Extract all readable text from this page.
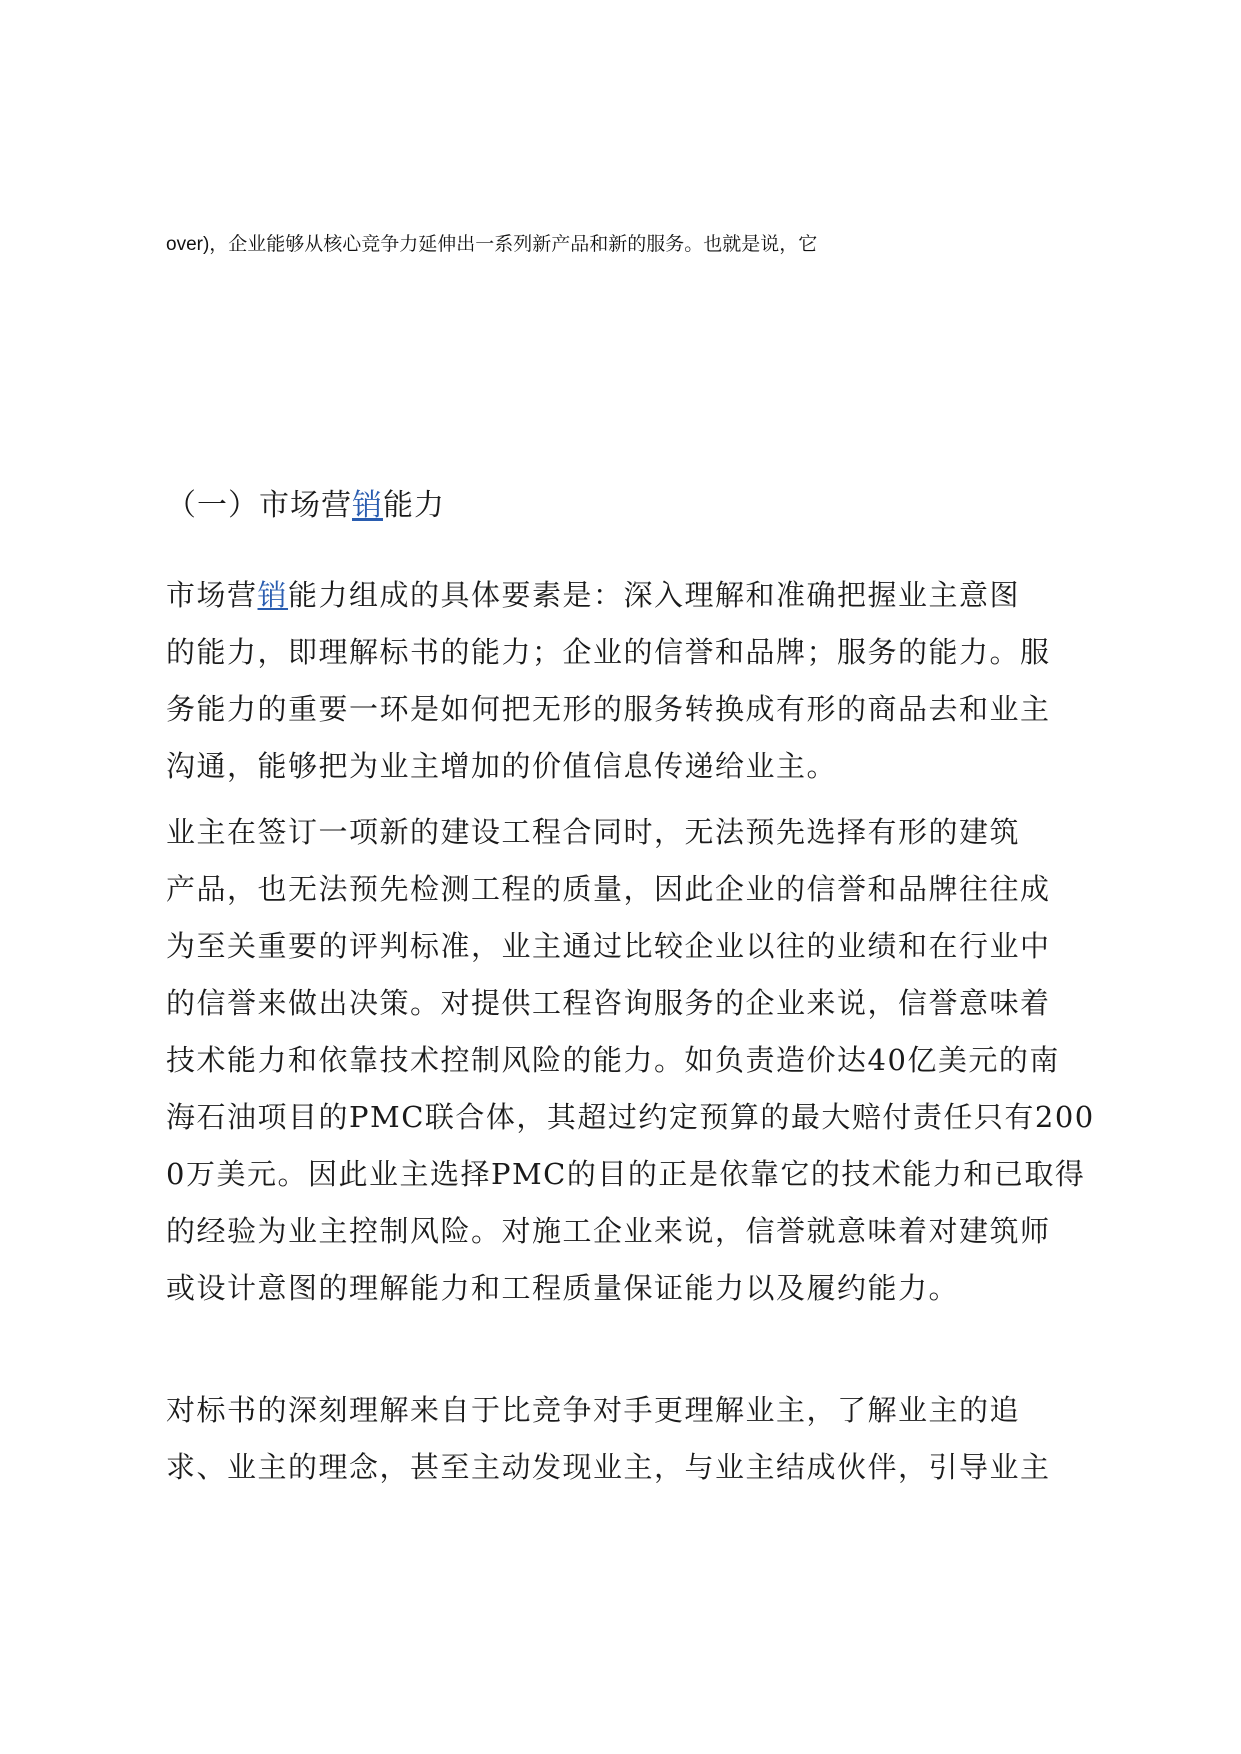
over)，企业能够从核心竞争力延伸出一系列新产品和新的服务。也就是说，它
（一）市场营销能力
市场营销能力组成的具体要素是：深入理解和准确把握业主意图
的能力，即理解标书的能力；企业的信誉和品牌；服务的能力。服
务能力的重要一环是如何把无形的服务转换成有形的商品去和业主
沟通，能够把为业主增加的价值信息传递给业主。
业主在签订一项新的建设工程合同时，无法预先选择有形的建筑
产品，也无法预先检测工程的质量，因此企业的信誉和品牌往往成
为至关重要的评判标准，业主通过比较企业以往的业绩和在行业中
的信誉来做出决策。对提供工程咨询服务的企业来说，信誉意味着
技术能力和依靠技术控制风险的能力。如负责造价达40亿美元的南
海石油项目的PMC联合体，其超过约定预算的最大赔付责任只有200
0万美元。因此业主选择PMC的目的正是依靠它的技术能力和已取得
的经验为业主控制风险。对施工企业来说，信誉就意味着对建筑师
或设计意图的理解能力和工程质量保证能力以及履约能力。
对标书的深刻理解来自于比竞争对手更理解业主，了解业主的追
求、业主的理念，甚至主动发现业主，与业主结成伙伴，引导业主
